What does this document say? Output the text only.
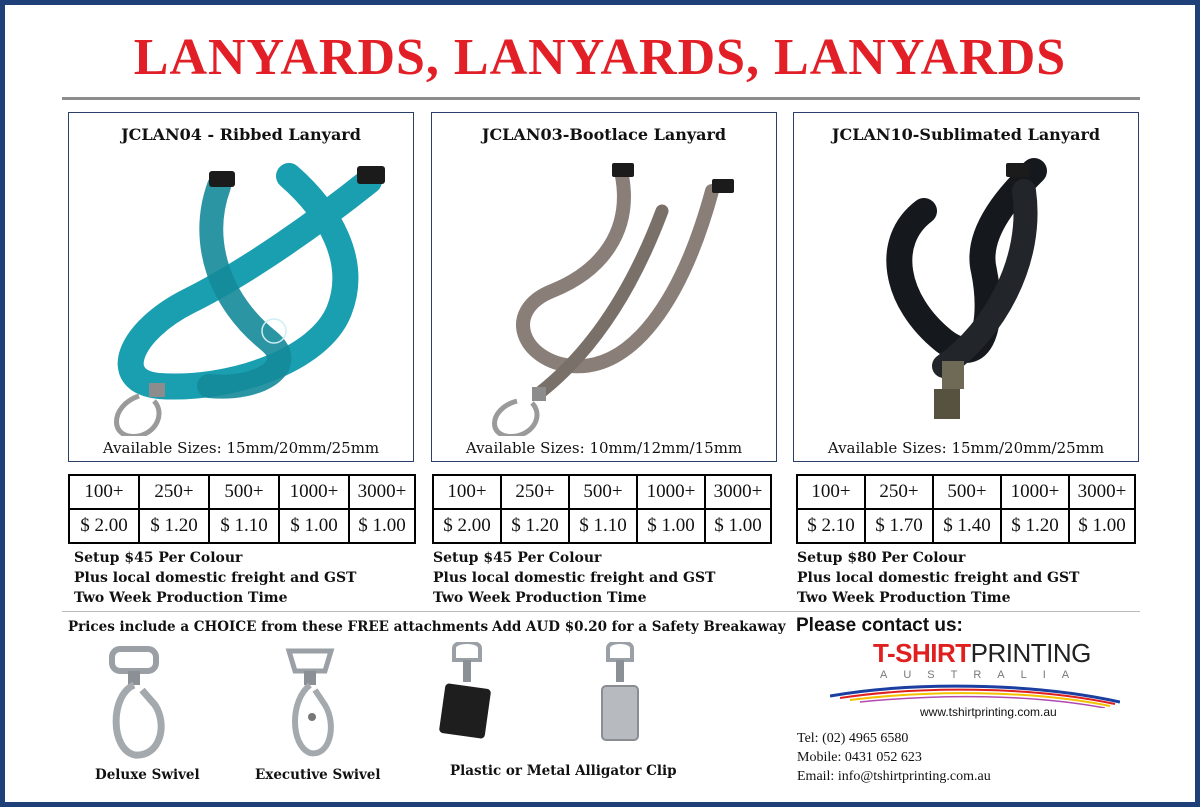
LANYARDS, LANYARDS, LANYARDS
JCLAN04 - Ribbed Lanyard
Available Sizes: 15mm/20mm/25mm
JCLAN03-Bootlace Lanyard
Available Sizes: 10mm/12mm/15mm
JCLAN10-Sublimated Lanyard
Available Sizes: 15mm/20mm/25mm
100+	250+	500+	1000+	3000+
$ 2.00	$ 1.20	$ 1.10	$ 1.00	$ 1.00
100+	250+	500+	1000+	3000+
$ 2.00	$ 1.20	$ 1.10	$ 1.00	$ 1.00
100+	250+	500+	1000+	3000+
$ 2.10	$ 1.70	$ 1.40	$ 1.20	$ 1.00
Setup $45 Per Colour
Plus local domestic freight and GST
Two Week Production Time
Setup $45 Per Colour
Plus local domestic freight and GST
Two Week Production Time
Setup $80 Per Colour
Plus local domestic freight and GST
Two Week Production Time
Prices include a CHOICE from these FREE attachments Add AUD $0.20 for a Safety Breakaway
Deluxe Swivel	Executive Swivel	Plastic or Metal Alligator Clip
Please contact us:
T-SHIRTPRINTING
AUSTRALIA
www.tshirtprinting.com.au
Tel: (02) 4965 6580
Mobile: 0431 052 623
Email: info@tshirtprinting.com.au
